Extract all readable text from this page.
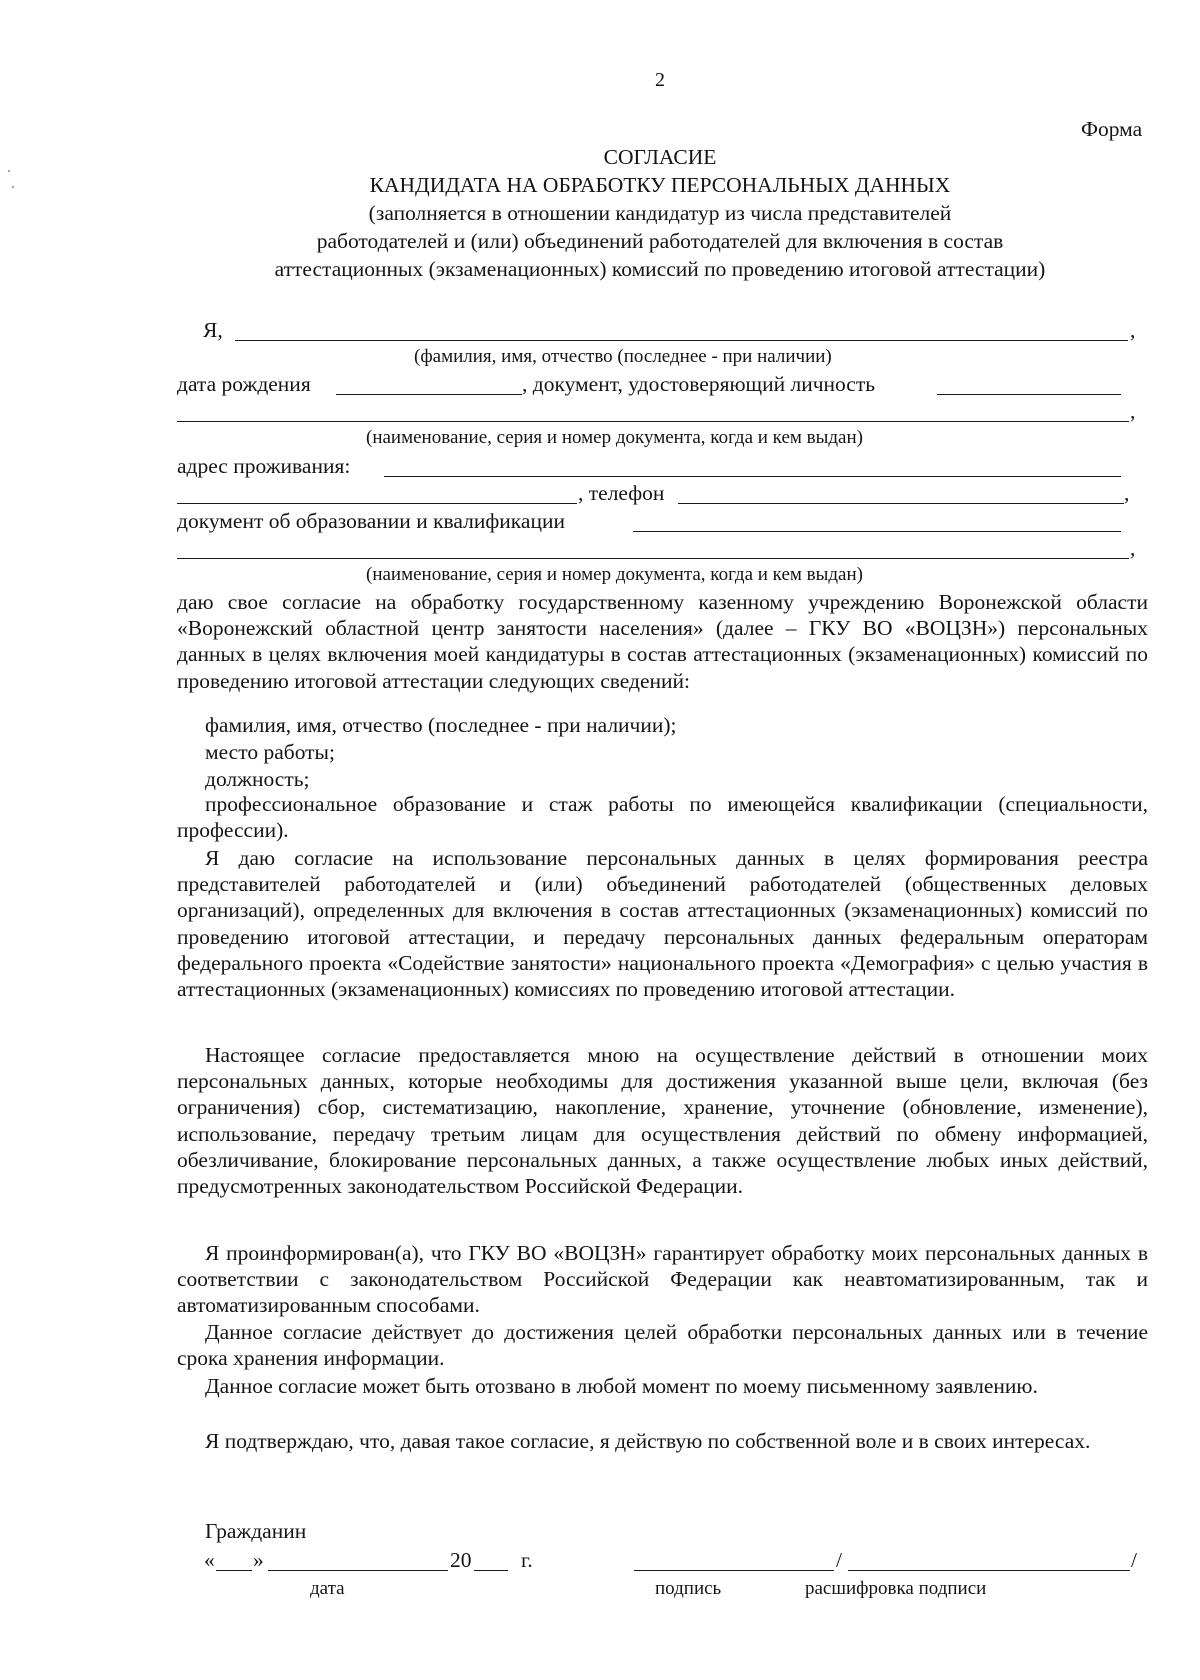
2
Форма
СОГЛАСИЕ
КАНДИДАТА НА ОБРАБОТКУ ПЕРСОНАЛЬНЫХ ДАННЫХ
(заполняется в отношении кандидатур из числа представителей
работодателей и (или) объединений работодателей для включения в состав
аттестационных (экзаменационных) комиссий по проведению итоговой аттестации)
Я,	,
(фамилия, имя, отчество (последнее - при наличии)
дата рождения	, документ, удостоверяющий личность
,
(наименование, серия и номер документа, когда и кем выдан)
адрес проживания:
, телефон	,
документ об образовании и квалификации
,
(наименование, серия и номер документа, когда и кем выдан)
даю свое согласие на обработку государственному казенному учреждению Воронежской области «Воронежский областной центр занятости населения» (далее – ГКУ ВО «ВОЦЗН») персональных данных в целях включения моей кандидатуры в состав аттестационных (экзаменационных) комиссий по проведению итоговой аттестации следующих сведений:
фамилия, имя, отчество (последнее - при наличии);
место работы;
должность;
профессиональное образование и стаж работы по имеющейся квалификации (специальности, профессии).
Я даю согласие на использование персональных данных в целях формирования реестра представителей работодателей и (или) объединений работодателей (общественных деловых организаций), определенных для включения в состав аттестационных (экзаменационных) комиссий по проведению итоговой аттестации, и передачу персональных данных федеральным операторам федерального проекта «Содействие занятости» национального проекта «Демография» с целью участия в аттестационных (экзаменационных) комиссиях по проведению итоговой аттестации.
Настоящее согласие предоставляется мною на осуществление действий в отношении моих персональных данных, которые необходимы для достижения указанной выше цели, включая (без ограничения) сбор, систематизацию, накопление, хранение, уточнение (обновление, изменение), использование, передачу третьим лицам для осуществления действий по обмену информацией, обезличивание, блокирование персональных данных, а также осуществление любых иных действий, предусмотренных законодательством Российской Федерации.
Я проинформирован(а), что ГКУ ВО «ВОЦЗН» гарантирует обработку моих персональных данных в соответствии с законодательством Российской Федерации как неавтоматизированным, так и автоматизированным способами.
Данное согласие действует до достижения целей обработки персональных данных или в течение срока хранения информации.
Данное согласие может быть отозвано в любой момент по моему письменному заявлению.
Я подтверждаю, что, давая такое согласие, я действую по собственной воле и в своих интересах.
Гражданин
« »	20 г.	/	/
дата	подпись	расшифровка подписи
